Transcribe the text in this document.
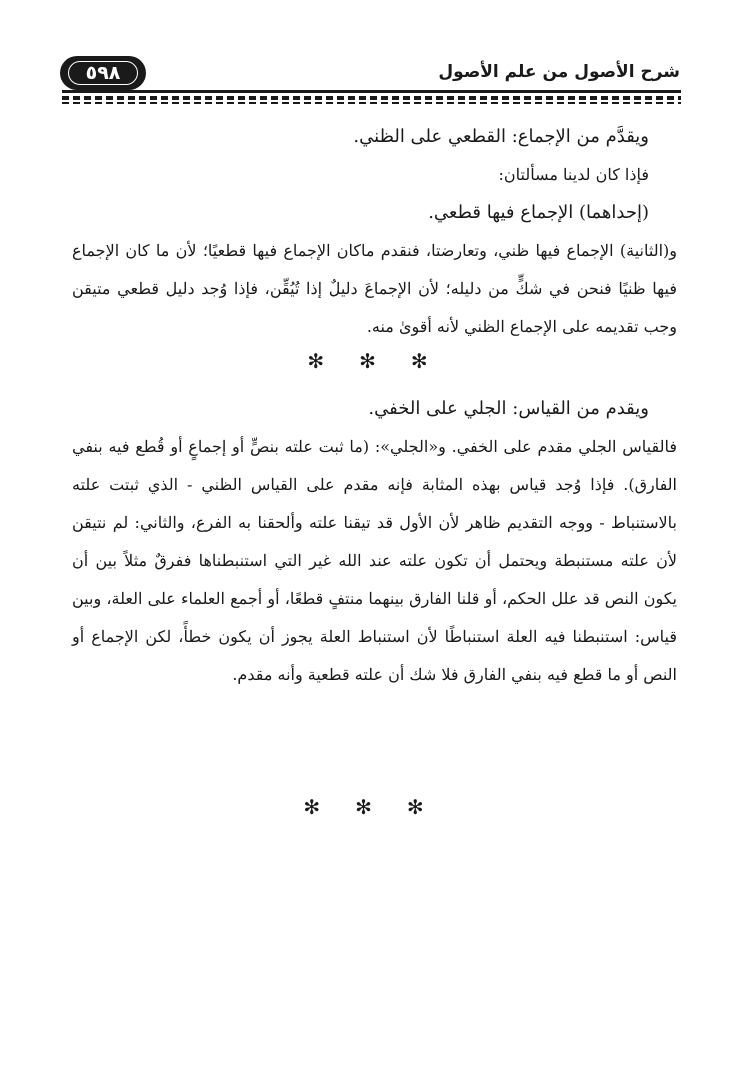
٥٩٨	شرح الأصول من علم الأصول

ويقدَّم من الإجماع: القطعي على الظني.

فإذا كان لدينا مسألتان:

(إحداهما) الإجماع فيها قطعي.

و(الثانية) الإجماع فيها ظني، وتعارضتا، فنقدم ماكان الإجماع فيها قطعيًا؛ لأن ما كان الإجماع فيها ظنيًا فنحن في شكٍّ من دليله؛ لأن الإجماعَ دليلٌ إذا تُيُقِّن، فإذا وُجد دليل قطعي متيقن وجب تقديمه على الإجماع الظني لأنه أقوىٰ منه.

✻ ✻ ✻

ويقدم من القياس: الجلي على الخفي.

فالقياس الجلي مقدم على الخفي. و«الجلي»: (ما ثبت علته بنصٍّ أو إجماعٍ أو قُطع فيه بنفي الفارق). فإذا وُجد قياس بهذه المثابة فإنه مقدم على القياس الظني - الذي ثبتت علته بالاستنباط - ووجه التقديم ظاهر لأن الأول قد تيقنا علته وألحقنا به الفرع، والثاني: لم نتيقن لأن علته مستنبطة ويحتمل أن تكون علته عند الله غير التي استنبطناها ففرقٌ مثلاً بين أن يكون النص قد علل الحكم، أو قلنا الفارق بينهما منتفٍ قطعًا، أو أجمع العلماء على العلة، وبين قياس: استنبطنا فيه العلة استنباطًا لأن استنباط العلة يجوز أن يكون خطأً، لكن الإجماع أو النص أو ما قطع فيه بنفي الفارق فلا شك أن علته قطعية وأنه مقدم.

✻ ✻ ✻
